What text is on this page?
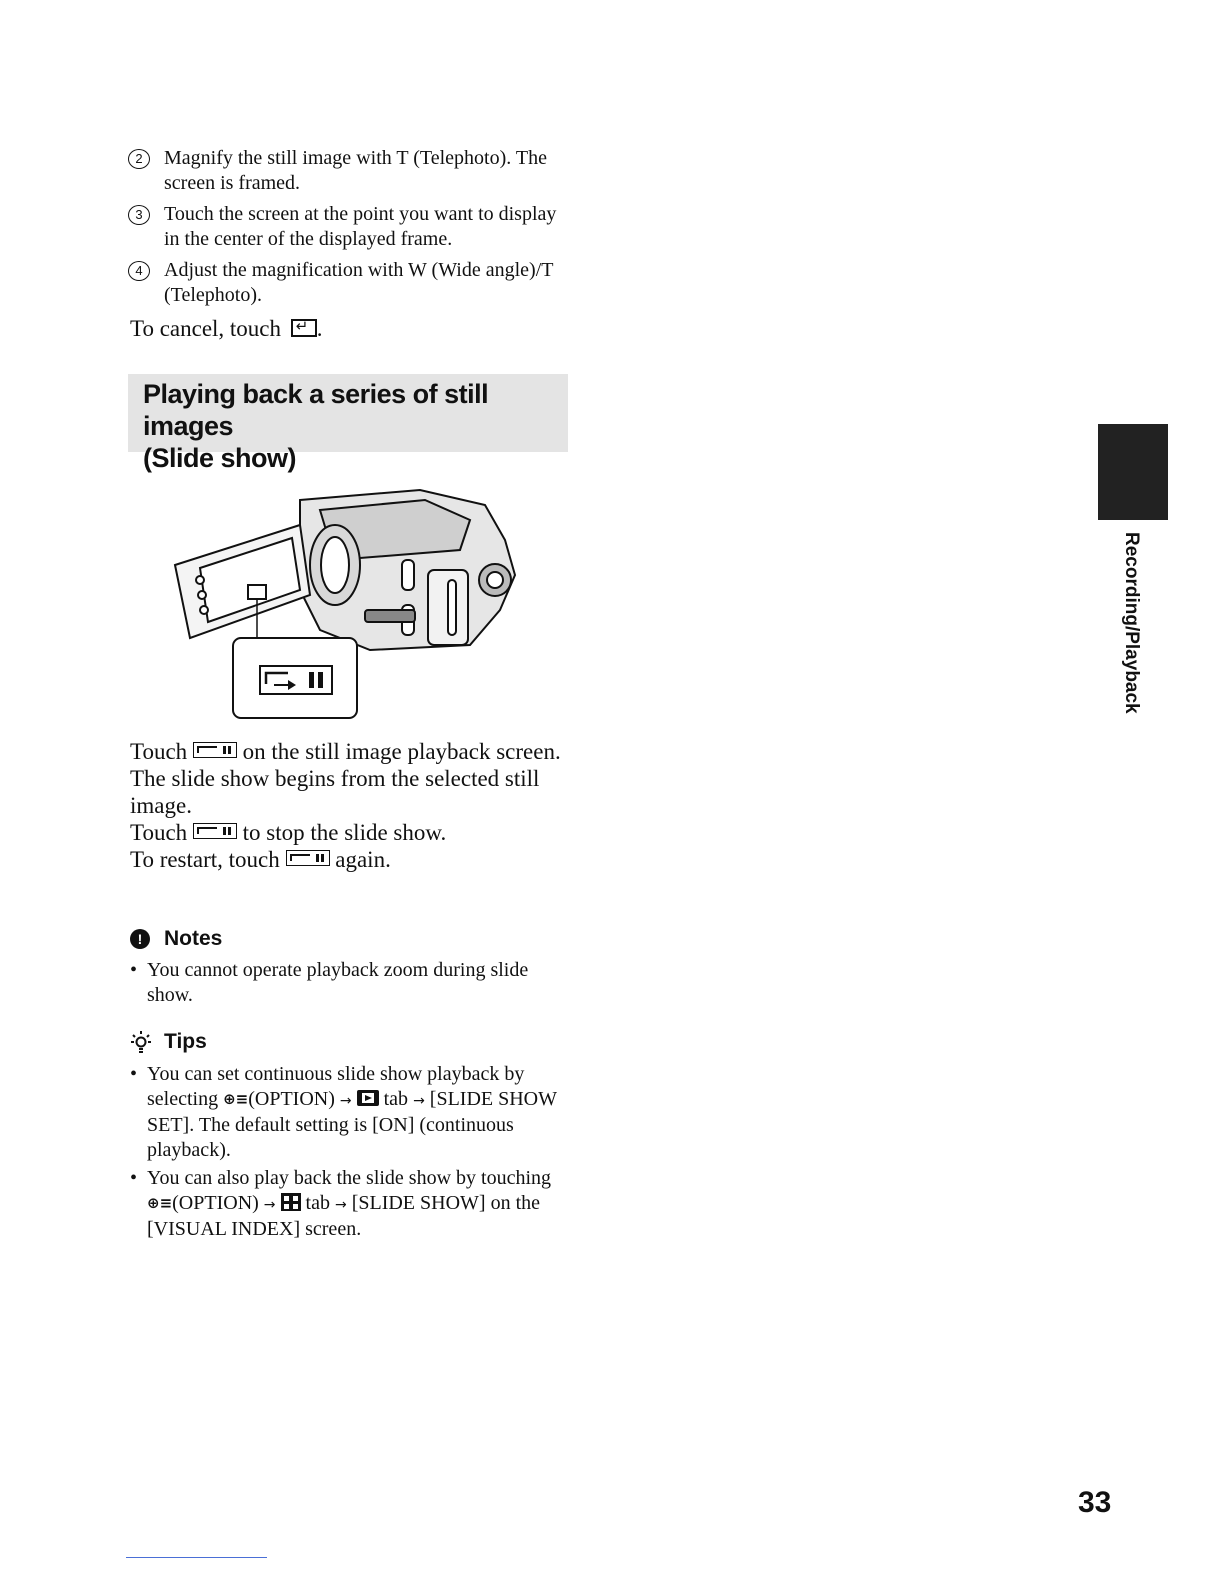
2	Magnify the still image with T (Telephoto). The screen is framed.
3	Touch the screen at the point you want to display in the center of the displayed frame.
4	Adjust the magnification with W (Wide angle)/T (Telephoto).
To cancel, touch ↵ .
Playing back a series of still images
(Slide show)

Touch on the still image playback screen.

The slide show begins from the selected still image.

Touch to stop the slide show.

To restart, touch again.

!	Notes
• You cannot operate playback zoom during slide show.
Tips
• You can set continuous slide show playback by selecting ⊕≡(OPTION) → tab → [SLIDE SHOW SET]. The default setting is [ON] (continuous playback).
• You can also play back the slide show by touching ⊕≡(OPTION) → tab → [SLIDE SHOW] on the [VISUAL INDEX] screen.
Recording/Playback
33
